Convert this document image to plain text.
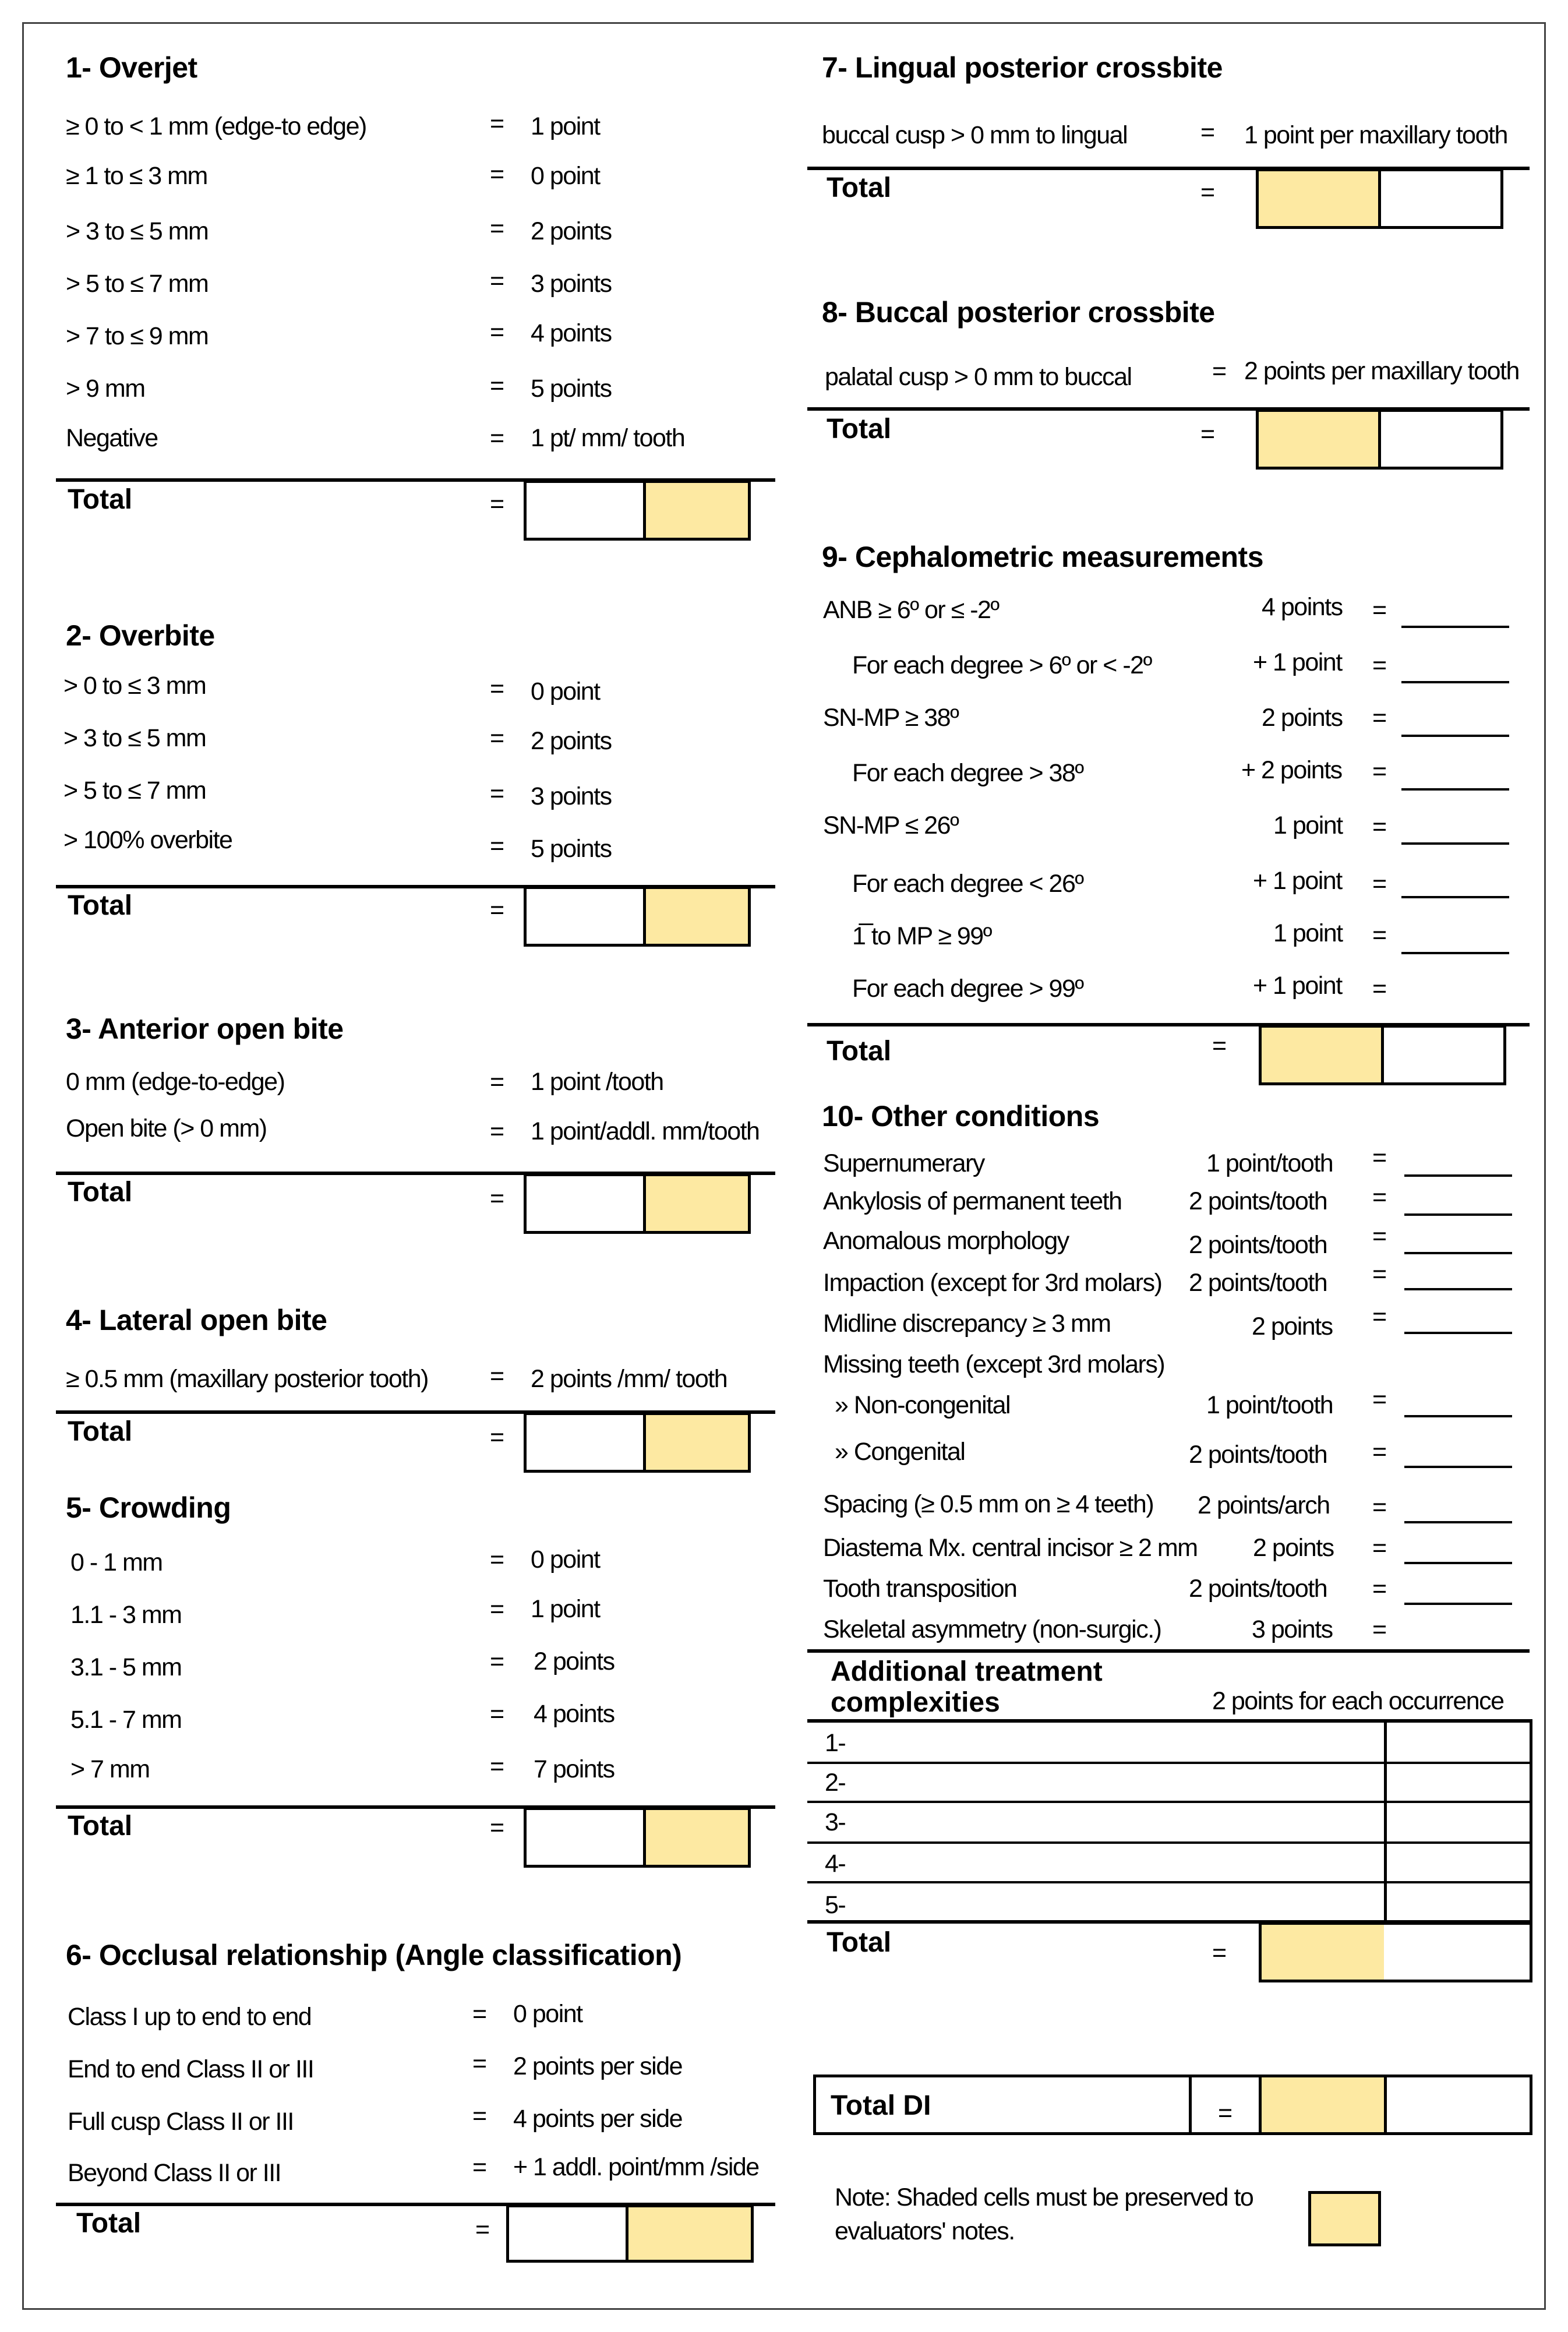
1- Overjet
≥ 0 to < 1 mm (edge-to edge)	= 1 point
≥ 1 to ≤ 3 mm	= 0 point
> 3 to ≤ 5 mm	= 2 points
> 5 to ≤ 7 mm	= 3 points
> 7 to ≤ 9 mm	= 4 points
> 9 mm	= 5 points
Negative	= 1 pt/ mm/ tooth
Total	=
2- Overbite
> 0 to ≤ 3 mm	= 0 point
> 3 to ≤ 5 mm	= 2 points
> 5 to ≤ 7 mm	= 3 points
> 100% overbite	= 5 points
Total	=
3- Anterior open bite
0 mm (edge-to-edge)	= 1 point /tooth
Open bite (> 0 mm)	= 1 point/addl. mm/tooth
Total	=
4- Lateral open bite
≥ 0.5 mm (maxillary posterior tooth) = 2 points /mm/ tooth
Total	=
5- Crowding
0 - 1 mm	= 0 point
1.1 - 3 mm	= 1 point
3.1 - 5 mm	= 2 points
5.1 - 7 mm	= 4 points
> 7 mm	= 7 points
Total	=
6- Occlusal relationship (Angle classification)
Class I up to end to end	= 0 point
End to end Class II or III	= 2 points per side
Full cusp Class II or III	= 4 points per side
Beyond Class II or III	= + 1 addl. point/mm /side
Total	=
7- Lingual posterior crossbite
buccal cusp > 0 mm to lingual	= 1 point per maxillary tooth
Total	=
8- Buccal posterior crossbite
palatal cusp > 0 mm to buccal	= 2 points per maxillary tooth
Total	=
9- Cephalometric measurements
ANB ≥ 6º or ≤ -2º	4 points =
For each degree > 6º or < -2º	+ 1 point =
SN-MP ≥ 38º	2 points =
For each degree > 38º	+ 2 points =
SN-MP ≤ 26º	1 point =
For each degree < 26º	+ 1 point =
1̅ to MP ≥ 99º	1 point =
For each degree > 99º	+ 1 point =
Total	=
10- Other conditions
Supernumerary	1 point/tooth =
Ankylosis of permanent teeth	2 points/tooth =
Anomalous morphology	2 points/tooth =
Impaction (except for 3rd molars) 2 points/tooth =
Midline discrepancy ≥ 3 mm	2 points =
Missing teeth (except 3rd molars)
» Non-congenital	1 point/tooth =
» Congenital	2 points/tooth =
Spacing (≥ 0.5 mm on ≥ 4 teeth) 2 points/arch =
Diastema Mx. central incisor ≥ 2 mm 2 points =
Tooth transposition	2 points/tooth =
Skeletal asymmetry (non-surgic.)	3 points =
Additional treatment
complexities	2 points for each occurrence
1-
2-
3-
4-
5-
Total	=
Total DI	=
Note: Shaded cells must be preserved to
evaluators' notes.
